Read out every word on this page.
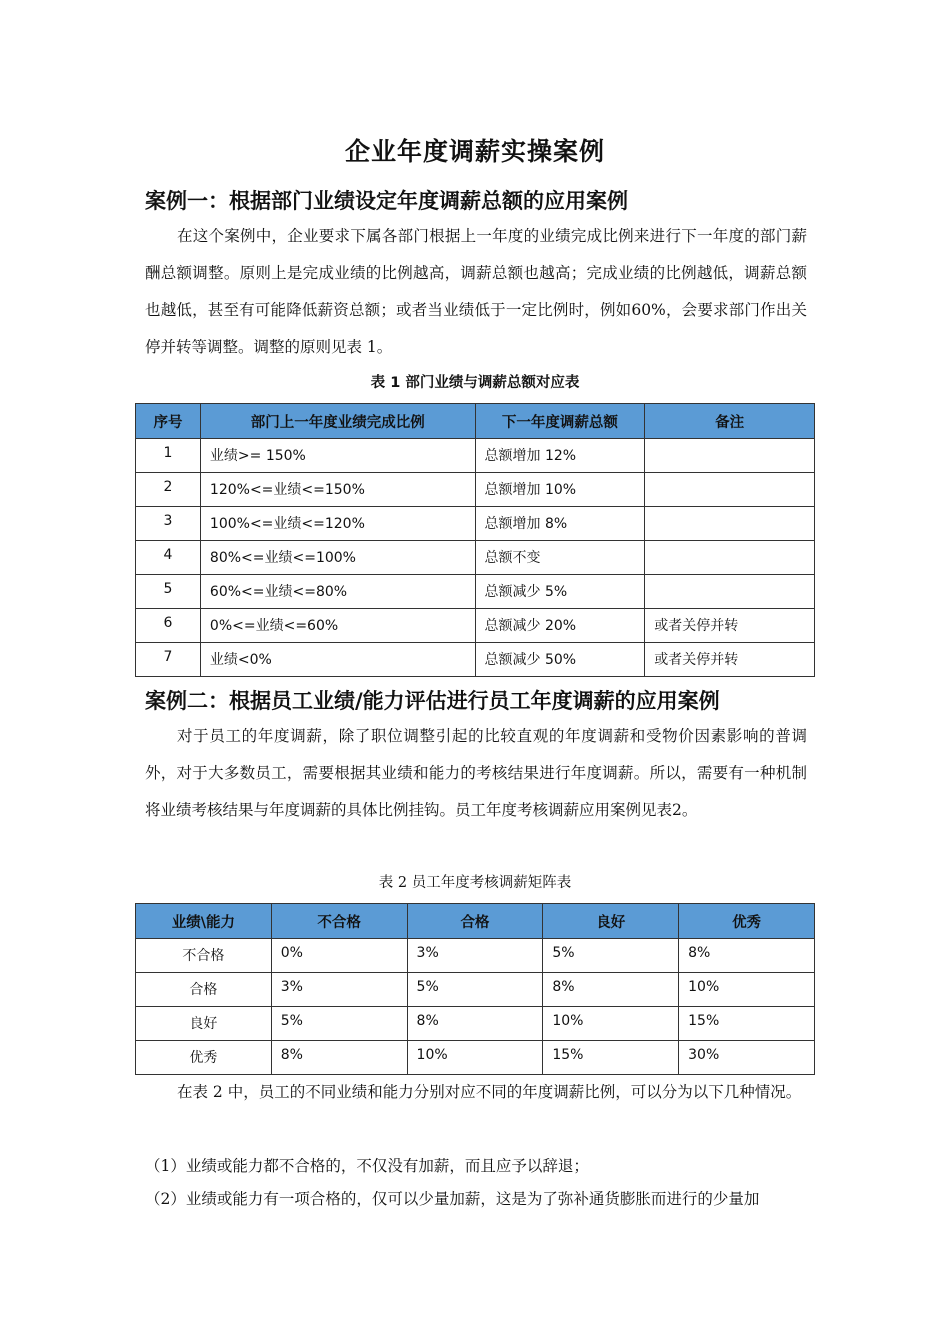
企业年度调薪实操案例
案例一：根据部门业绩设定年度调薪总额的应用案例

在这个案例中，企业要求下属各部门根据上一年度的业绩完成比例来进行下一年度的部门薪酬总额调整。原则上是完成业绩的比例越高，调薪总额也越高；完成业绩的比例越低，调薪总额也越低，甚至有可能降低薪资总额；或者当业绩低于一定比例时，例如60%，会要求部门作出关停并转等调整。调整的原则见表 1。

表 1 部门业绩与调薪总额对应表
序号	部门上一年度业绩完成比例	下一年度调薪总额	备注
1	业绩>= 150%	总额增加 12%	
2	120%<=业绩<=150%	总额增加 10%	
3	100%<=业绩<=120%	总额增加 8%	
4	80%<=业绩<=100%	总额不变	
5	60%<=业绩<=80%	总额减少 5%	
6	0%<=业绩<=60%	总额减少 20%	或者关停并转
7	业绩<0%	总额减少 50%	或者关停并转
案例二：根据员工业绩/能力评估进行员工年度调薪的应用案例

对于员工的年度调薪，除了职位调整引起的比较直观的年度调薪和受物价因素影响的普调外，对于大多数员工，需要根据其业绩和能力的考核结果进行年度调薪。所以，需要有一种机制将业绩考核结果与年度调薪的具体比例挂钩。员工年度考核调薪应用案例见表2。

表 2 员工年度考核调薪矩阵表
业绩\能力	不合格	合格	良好	优秀
不合格	0%	3%	5%	8%
合格	3%	5%	8%	10%
良好	5%	8%	10%	15%
优秀	8%	10%	15%	30%

在表 2 中，员工的不同业绩和能力分别对应不同的年度调薪比例，可以分为以下几种情况。

（1）业绩或能力都不合格的，不仅没有加薪，而且应予以辞退；
（2）业绩或能力有一项合格的，仅可以少量加薪，这是为了弥补通货膨胀而进行的少量加
